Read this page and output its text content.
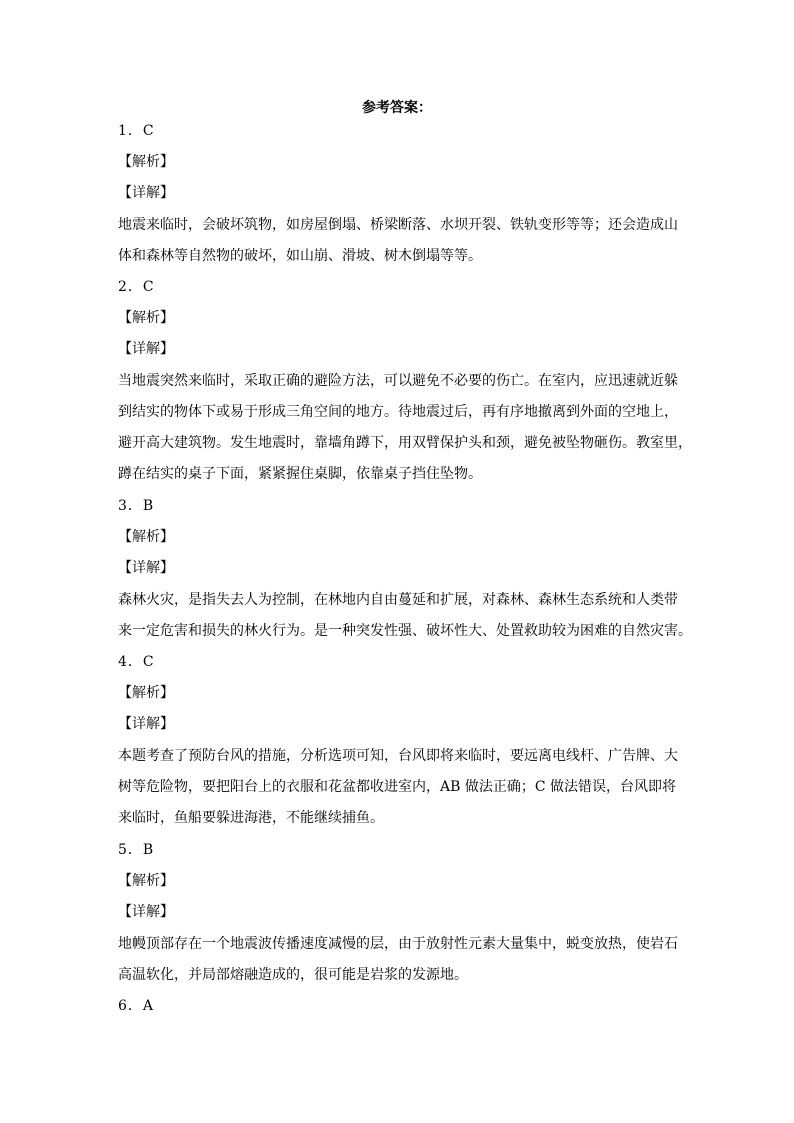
参考答案：
1．C
【解析】
【详解】
地震来临时，会破坏筑物，如房屋倒塌、桥梁断落、水坝开裂、铁轨变形等等；还会造成山
体和森林等自然物的破坏，如山崩、滑坡、树木倒塌等等。
2．C
【解析】
【详解】
当地震突然来临时，采取正确的避险方法，可以避免不必要的伤亡。在室内，应迅速就近躲
到结实的物体下或易于形成三角空间的地方。待地震过后，再有序地撤离到外面的空地上，
避开高大建筑物。发生地震时，靠墙角蹲下，用双臂保护头和颈，避免被坠物砸伤。教室里，
蹲在结实的桌子下面，紧紧握住桌脚，依靠桌子挡住坠物。
3．B
【解析】
【详解】
森林火灾，是指失去人为控制，在林地内自由蔓延和扩展，对森林、森林生态系统和人类带
来一定危害和损失的林火行为。是一种突发性强、破坏性大、处置救助较为困难的自然灾害。
4．C
【解析】
【详解】
本题考查了预防台风的措施，分析选项可知，台风即将来临时，要远离电线杆、广告牌、大
树等危险物，要把阳台上的衣服和花盆都收进室内，AB 做法正确；C 做法错误，台风即将
来临时，鱼船要躲进海港，不能继续捕鱼。
5．B
【解析】
【详解】
地幔顶部存在一个地震波传播速度减慢的层，由于放射性元素大量集中，蜕变放热，使岩石
高温软化，并局部熔融造成的，很可能是岩浆的发源地。
6．A
